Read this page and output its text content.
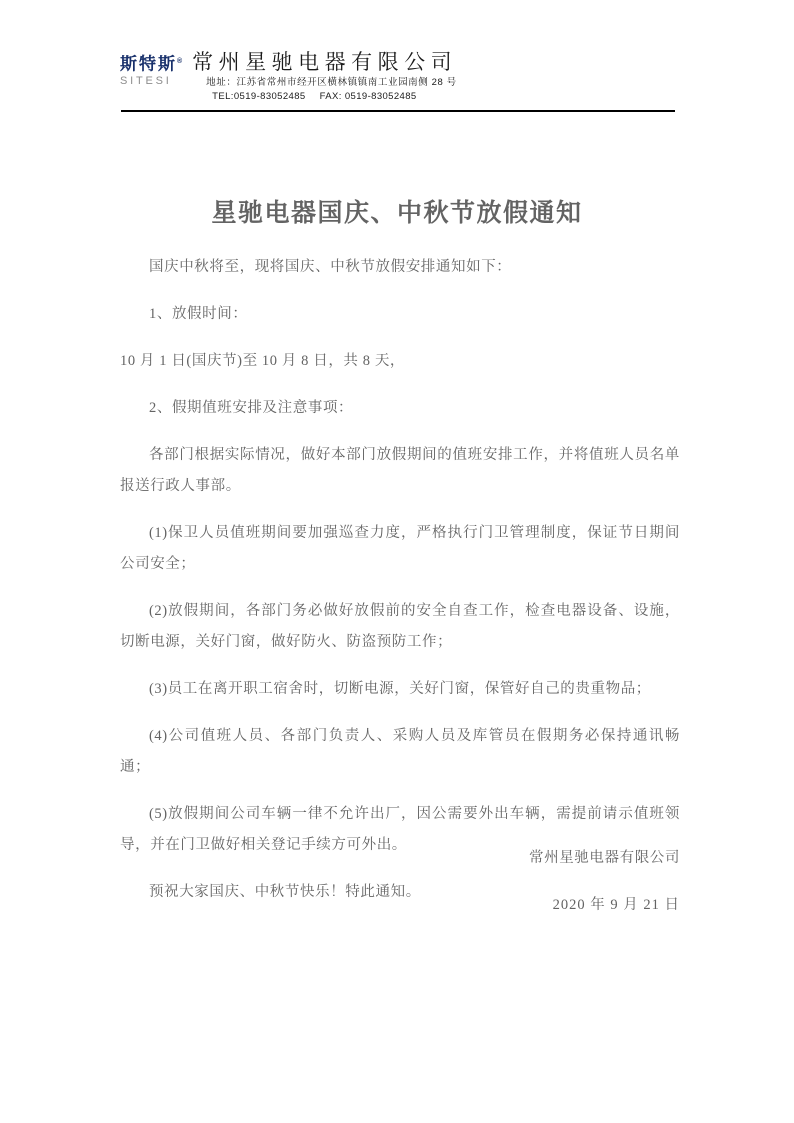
斯特斯®
SITESI
常州星驰电器有限公司
地址：江苏省常州市经开区横林镇镇南工业园南侧 28 号
TEL:0519-83052485 FAX: 0519-83052485
星驰电器国庆、中秋节放假通知

国庆中秋将至，现将国庆、中秋节放假安排通知如下：

1、放假时间：

10 月 1 日(国庆节)至 10 月 8 日，共 8 天，

2、假期值班安排及注意事项：

各部门根据实际情况，做好本部门放假期间的值班安排工作，并将值班人员名单报送行政人事部。

(1)保卫人员值班期间要加强巡查力度，严格执行门卫管理制度，保证节日期间公司安全；

(2)放假期间，各部门务必做好放假前的安全自查工作，检查电器设备、设施，切断电源，关好门窗，做好防火、防盗预防工作；

(3)员工在离开职工宿舍时，切断电源，关好门窗，保管好自己的贵重物品；

(4)公司值班人员、各部门负责人、采购人员及库管员在假期务必保持通讯畅通；

(5)放假期间公司车辆一律不允许出厂，因公需要外出车辆，需提前请示值班领导，并在门卫做好相关登记手续方可外出。

预祝大家国庆、中秋节快乐！特此通知。

常州星驰电器有限公司
2020 年 9 月 21 日
